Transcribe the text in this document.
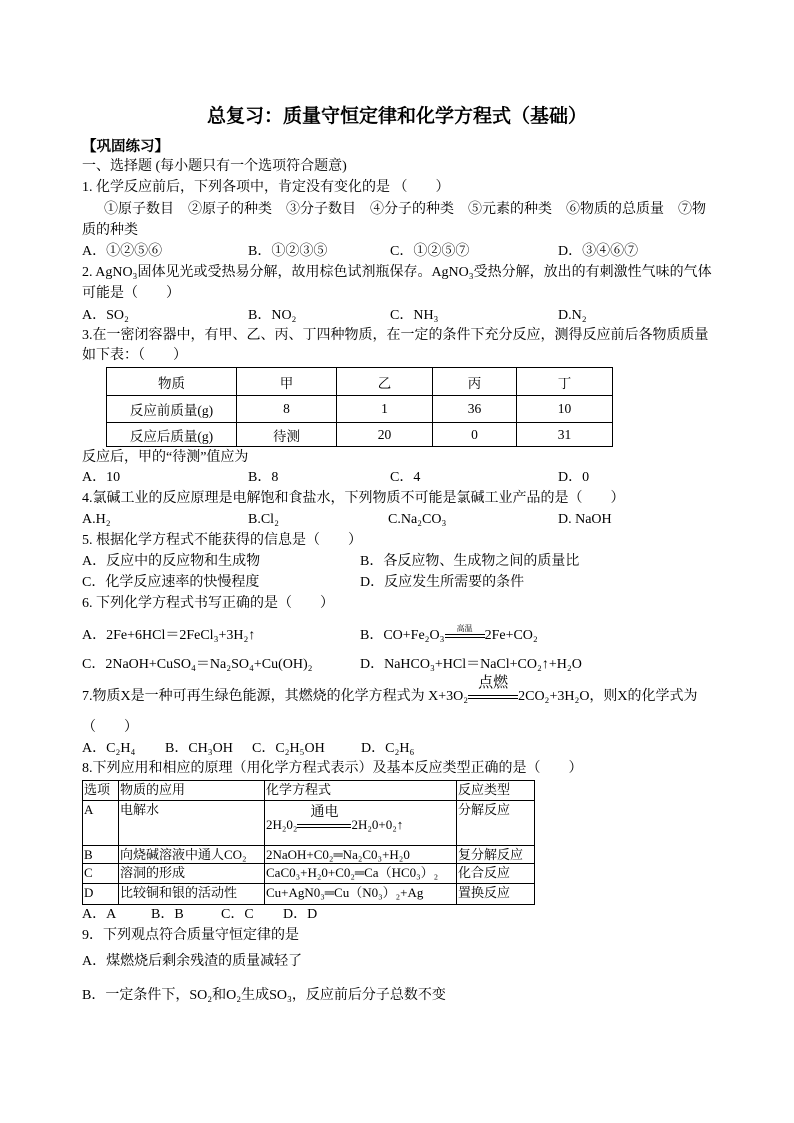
总复习：质量守恒定律和化学方程式（基础）
【巩固练习】
一、选择题 (每小题只有一个选项符合题意)
1. 化学反应前后，下列各项中，肯定没有变化的是 （　　）
①原子数目　②原子的种类　③分子数目　④分子的种类　⑤元素的种类　⑥物质的总质量　⑦物
质的种类
A．①②⑤⑥	B．①②③⑤	C．①②⑤⑦	D．③④⑥⑦
2. AgNO₃固体见光或受热易分解，故用棕色试剂瓶保存。AgNO₃受热分解，放出的有刺激性气味的气体
可能是（　　）
A．SO₂	B．NO₂	C．NH₃	D.N₂
3.在一密闭容器中，有甲、乙、丙、丁四种物质，在一定的条件下充分反应，测得反应前后各物质质量
如下表：（　　）
物质	甲	乙	丙	丁
反应前质量(g)	8	1	36	10
反应后质量(g)	待测	20	0	31
反应后，甲的“待测”值应为
A．10	B．8	C．4	D．0
4.氯碱工业的反应原理是电解饱和食盐水，下列物质不可能是氯碱工业产品的是（　　）
A.H₂	B.Cl₂	C.Na₂CO₃	D. NaOH
5. 根据化学方程式不能获得的信息是（　　）
A．反应中的反应物和生成物	B．各反应物、生成物之间的质量比
C．化学反应速率的快慢程度	D．反应发生所需要的条件
6. 下列化学方程式书写正确的是（　　）
A．2Fe+6HCl＝2FeCl₃+3H₂↑	B．CO+Fe₂O₃	高温 2Fe+CO₂
C．2NaOH+CuSO₄＝Na₂SO₄+Cu(OH)₂	D．NaHCO₃+HCl＝NaCl+CO₂↑+H₂O
7.物质X是一种可再生绿色能源，其燃烧的化学方程式为 X+3O₂
点燃
2CO₂+3H₂O，则X的化学式为
（　　）
A．C₂H₄ B．CH₃OH C．C₂H₅OH	D．C₂H₆
8.下列应用和相应的原理（用化学方程式表示）及基本反应类型正确的是（　　）
选项	物质的应用	化学方程式	反应类型
A	电解水	2H₂0₂
通电
2H₂0+0₂↑	分解反应
B	向烧碱溶液中通人CO₂	2NaOH+C0₂═Na₂C0₃+H₂0	复分解反应
C	溶洞的形成	CaC0₃+H₂0+C0₂═Ca（HC0₃）₂	化合反应
D	比较铜和银的活动性	Cu+AgN0₃═Cu（N0₃）₂+Ag	置换反应
A．A B．B	C．C D．D
9．下列观点符合质量守恒定律的是
A．煤燃烧后剩余残渣的质量减轻了
B．一定条件下，SO₂和O₂生成SO₃，反应前后分子总数不变
